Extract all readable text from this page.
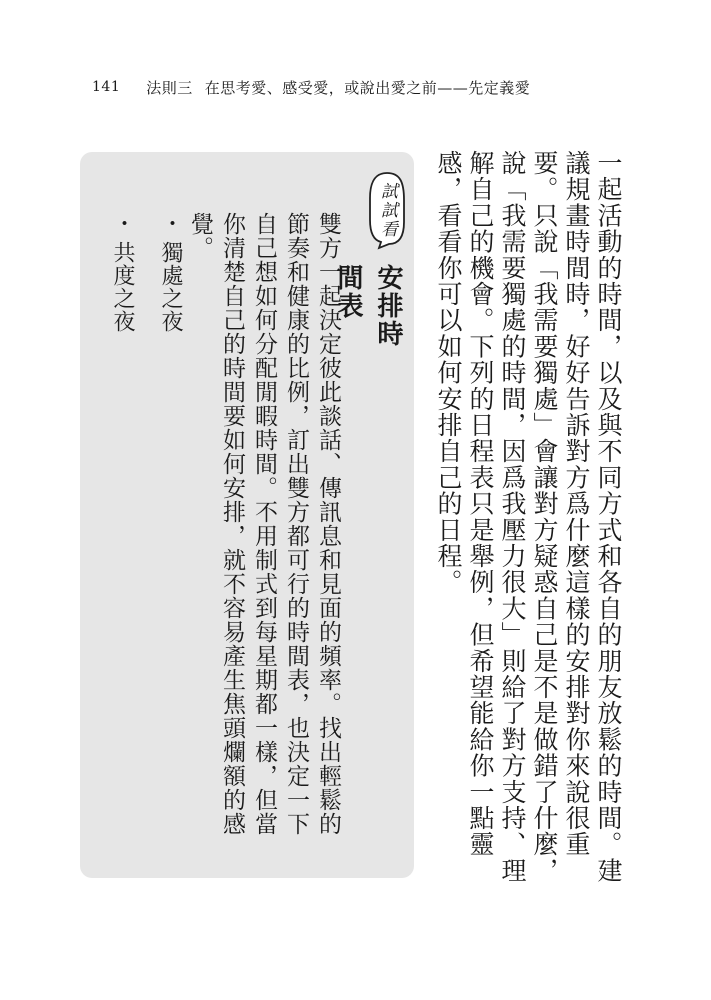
141 法則三 在思考愛、感受愛，或說出愛之前——先定義愛
一起活動的時間，以及與不同方式和各自的朋友放鬆的時間。建議規畫時間時，好好告訴對方爲什麼這樣的安排對你來說很重要。只說「我需要獨處」會讓對方疑惑自己是不是做錯了什麼，說「我需要獨處的時間，因爲我壓力很大」則給了對方支持、理解自己的機會。下列的日程表只是舉例，但希望能給你一點靈感，看看你可以如何安排自己的日程。
試試看
安排時間表
雙方一起決定彼此談話、傳訊息和見面的頻率。找出輕鬆的節奏和健康的比例，訂出雙方都可行的時間表，也決定一下自己想如何分配閒暇時間。不用制式到每星期都一樣，但當你清楚自己的時間要如何安排，就不容易產生焦頭爛額的感覺。
・獨處之夜
・共度之夜
